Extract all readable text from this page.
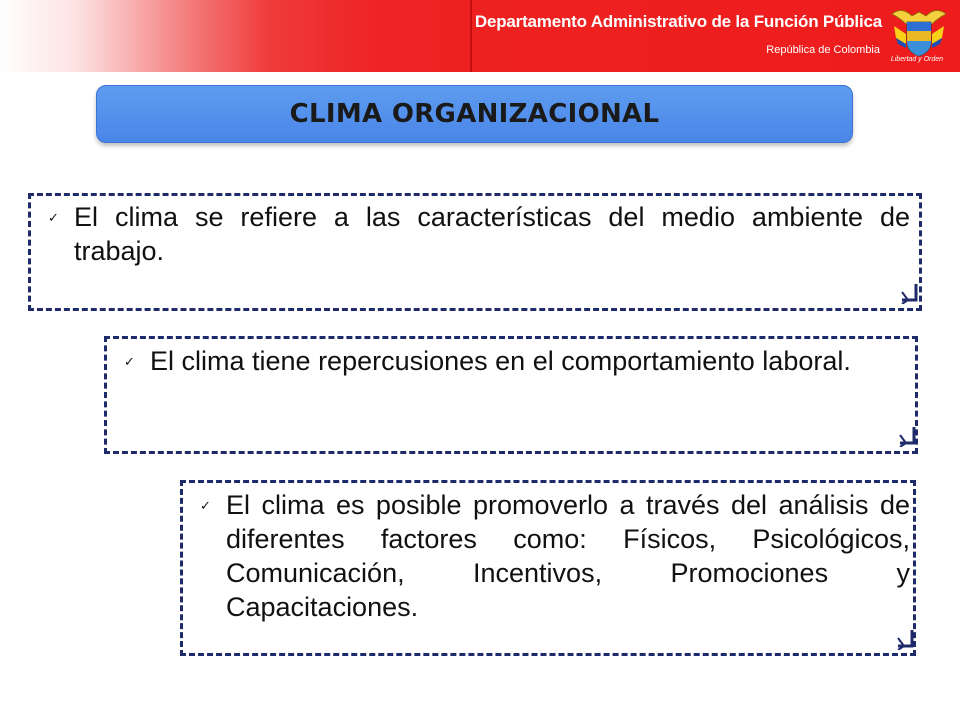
Departamento Administrativo de la Función Pública
República de Colombia
Libertad y Orden
CLIMA ORGANIZACIONAL
✓ El clima se refiere a las características del medio ambiente de trabajo.
✓ El clima tiene repercusiones en el comportamiento laboral.
✓ El clima es posible promoverlo a través del análisis de diferentes factores como: Físicos, Psicológicos, Comunicación, Incentivos, Promociones y Capacitaciones.
